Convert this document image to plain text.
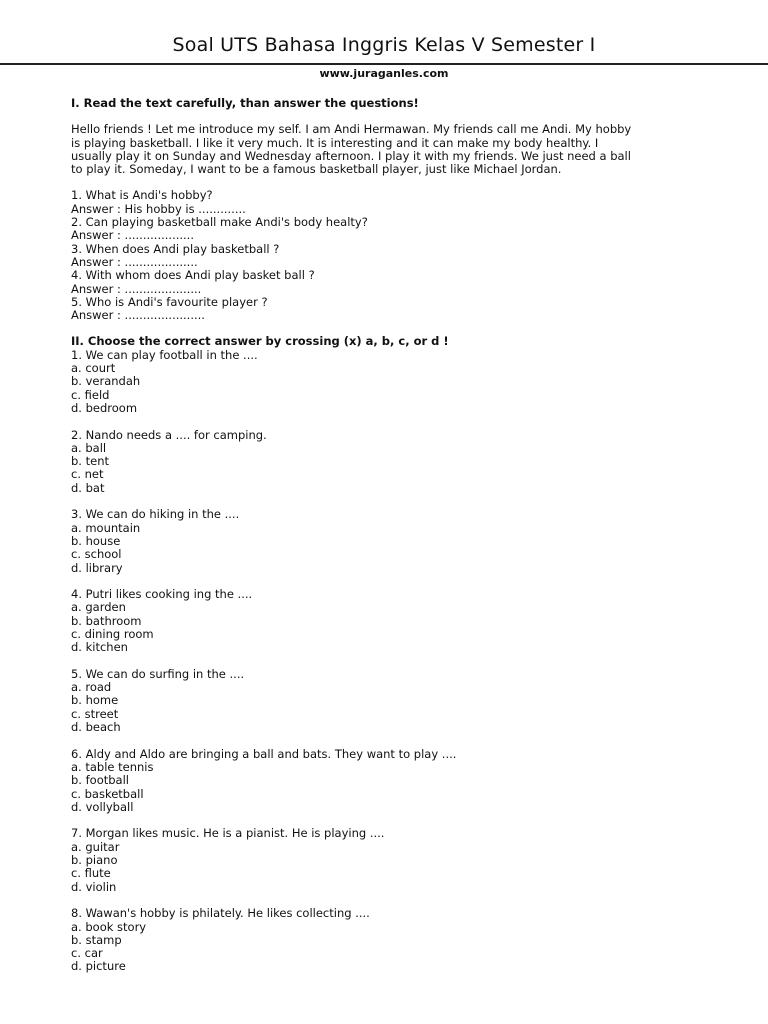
Soal UTS Bahasa Inggris Kelas V Semester I
www.juraganles.com

I. Read the text carefully, than answer the questions!

Hello friends ! Let me introduce my self. I am Andi Hermawan. My friends call me Andi. My hobby

is playing basketball. I like it very much. It is interesting and it can make my body healthy. I

usually play it on Sunday and Wednesday afternoon. I play it with my friends. We just need a ball

to play it. Someday, I want to be a famous basketball player, just like Michael Jordan.

1. What is Andi's hobby?

Answer : His hobby is .............

2. Can playing basketball make Andi's body healty?

Answer : ...................

3. When does Andi play basketball ?

Answer : ....................

4. With whom does Andi play basket ball ?

Answer : .....................

5. Who is Andi's favourite player ?

Answer : ......................

II. Choose the correct answer by crossing (x) a, b, c, or d !

1. We can play football in the ....

a. court

b. verandah

c. field

d. bedroom

2. Nando needs a .... for camping.

a. ball

b. tent

c. net

d. bat

3. We can do hiking in the ....

a. mountain

b. house

c. school

d. library

4. Putri likes cooking ing the ....

a. garden

b. bathroom

c. dining room

d. kitchen

5. We can do surfing in the ....

a. road

b. home

c. street

d. beach

6. Aldy and Aldo are bringing a ball and bats. They want to play ....

a. table tennis

b. football

c. basketball

d. vollyball

7. Morgan likes music. He is a pianist. He is playing ....

a. guitar

b. piano

c. flute

d. violin

8. Wawan's hobby is philately. He likes collecting ....

a. book story

b. stamp

c. car

d. picture
